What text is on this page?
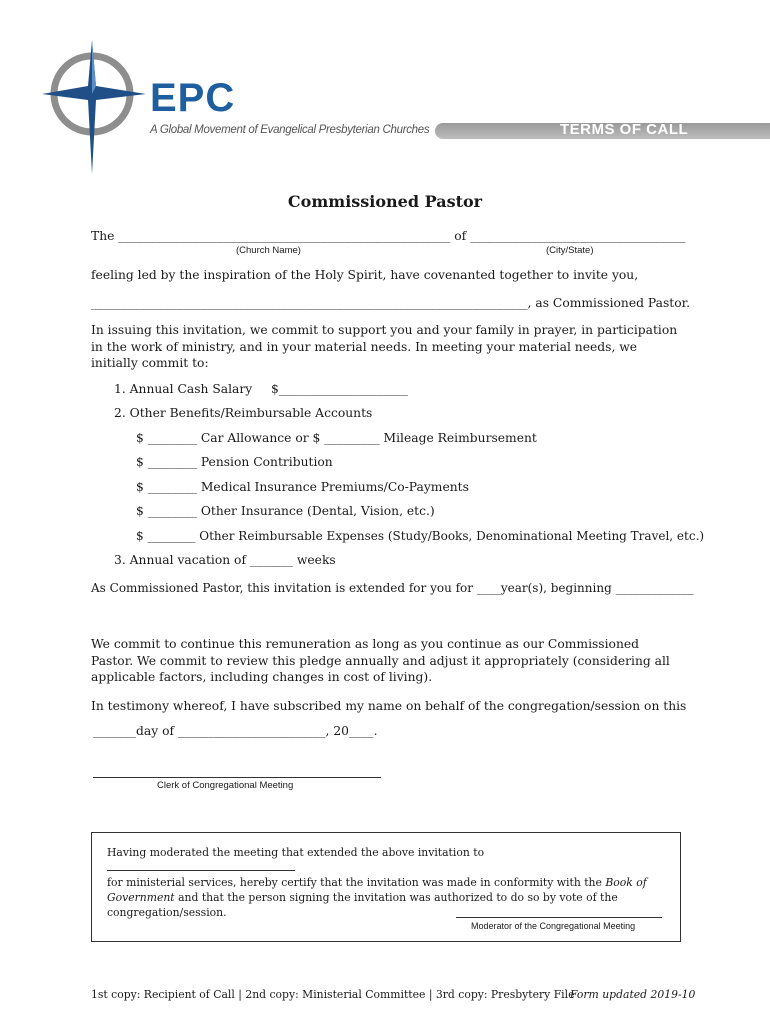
EPC
A Global Movement of Evangelical Presbyterian Churches	TERMS OF CALL
Commissioned Pastor
The ______________________________________________________ of ___________________________________
(Church Name)	(City/State)
feeling led by the inspiration of the Holy Spirit, have covenanted together to invite you,
_______________________________________________________________________, as Commissioned Pastor.
In issuing this invitation, we commit to support you and your family in prayer, in participation in the work of ministry, and in your material needs. In meeting your material needs, we initially commit to:
1. Annual Cash Salary $_____________________
2. Other Benefits/Reimbursable Accounts
$ ________ Car Allowance or $ _________ Mileage Reimbursement
$ ________ Pension Contribution
$ ________ Medical Insurance Premiums/Co-Payments
$ ________ Other Insurance (Dental, Vision, etc.)
$ ________ Other Reimbursable Expenses (Study/Books, Denominational Meeting Travel, etc.)
3. Annual vacation of _______ weeks
As Commissioned Pastor, this invitation is extended for you for ____year(s), beginning _____________
We commit to continue this remuneration as long as you continue as our Commissioned Pastor. We commit to review this pledge annually and adjust it appropriately (considering all applicable factors, including changes in cost of living).
In testimony whereof, I have subscribed my name on behalf of the congregation/session on this
_______day of ________________________, 20____.
Clerk of Congregational Meeting
Having moderated the meeting that extended the above invitation to
for ministerial services, hereby certify that the invitation was made in conformity with the Book of Government and that the person signing the invitation was authorized to do so by vote of the congregation/session.
Moderator of the Congregational Meeting
1st copy: Recipient of Call | 2nd copy: Ministerial Committee | 3rd copy: Presbytery File
Form updated 2019-10
